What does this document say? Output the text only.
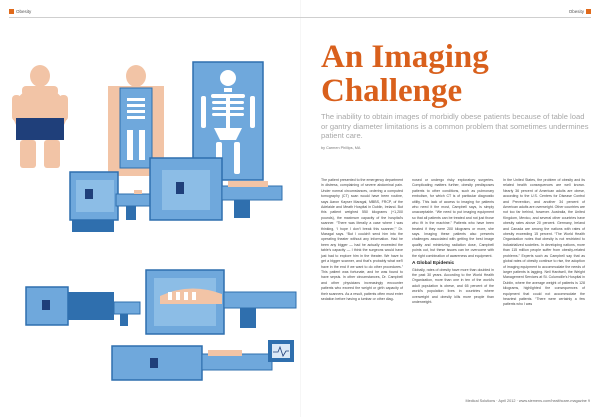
Obesity	Obesity
An Imaging
Challenge

The inability to obtain images of morbidly obese patients because of table load or gantry diameter limitations is a common problem that sometimes undermines patient care.

by Carmen Phillips, MA

The patient presented to the emergency department in distress, complaining of severe abdominal pain. Under normal circumstances, ordering a computed tomography (CT) scan would have been routine, says Aaron Kayser Maragal, MBBS, FRCP, of the Adelaide and Meath Hospital in Dublin, Ireland. But this patient weighed 550 kilograms (+1,200 pounds), the maximum capacity of the hospital's scanner. “There was literally a case where I was thinking, ‘I hope I don't break this scanner,’” Dr. Maragal says. “But I couldn't send him into the operating theater without any information. Had he been any bigger — had he actually exceeded the table's capacity — I think the surgeons would have just had to explore him in the theater. We have to get a bigger scanner, and that's probably what we'll have in the end if we want to do other procedures.” This patient was fortunate, and he was found to have sepsis. In other circumstances, Dr. Campbell and other physicians increasingly encounter patients who exceed the weight or girth capacity of their scanners. As a result, patients often must enter sedation before having a lumbar or other diag-

nosed or undergo risky exploratory surgeries. Complicating matters further, obesity predisposes patients to other conditions, such as pulmonary embolism, for which CT is of particular diagnostic utility. This lack of access to imaging for patients who need it the most, Campbell says, is simply unacceptable. “We need to put imaging equipment so that all patients can be treated and not just those who fit in the machine.” Patients who have been treated if they were 200 kilograms or more, she says. Imaging these patients also presents challenges associated with getting the best image quality and minimizing radiation dose, Campbell points out, but these issues can be overcome with the right combination of awareness and equipment.

A Global Epidemic

Globally, rates of obesity have more than doubled in the past 30 years. According to the World Health Organization, more than one in ten of the world's adult population is obese, and 65 percent of the world's population lives in countries where overweight and obesity kills more people than underweight.

In the United States, the problem of obesity and its related health consequences are well known. Nearly 36 percent of American adults are obese, according to the U.S. Centers for Disease Control and Prevention, and another 34 percent of American adults are overweight. Other countries are not too far behind, however. Australia, the United Kingdom, Mexico, and several other countries have obesity rates above 20 percent. Germany, Ireland and Canada are among the nations with rates of obesity exceeding 15 percent. “The World Health Organization notes that obesity is not restricted to industrialized societies. In developing nations, more than 115 million people suffer from obesity-related problems.” Experts such as Campbell say that as global rates of obesity continue to rise, the adoption of imaging equipment to accommodate the needs of larger patients is lagging. Neil Hardwell, the Weight Management Services at St. Columcille's Hospital in Dublin, where the average weight of patients is 128 kilograms, highlighted the consequences of equipment that could not accommodate the heaviest patients. “There were certainly a few patients who I was

Medical Solutions · April 2012 · www.siemens.com/healthcare-magazine 9
